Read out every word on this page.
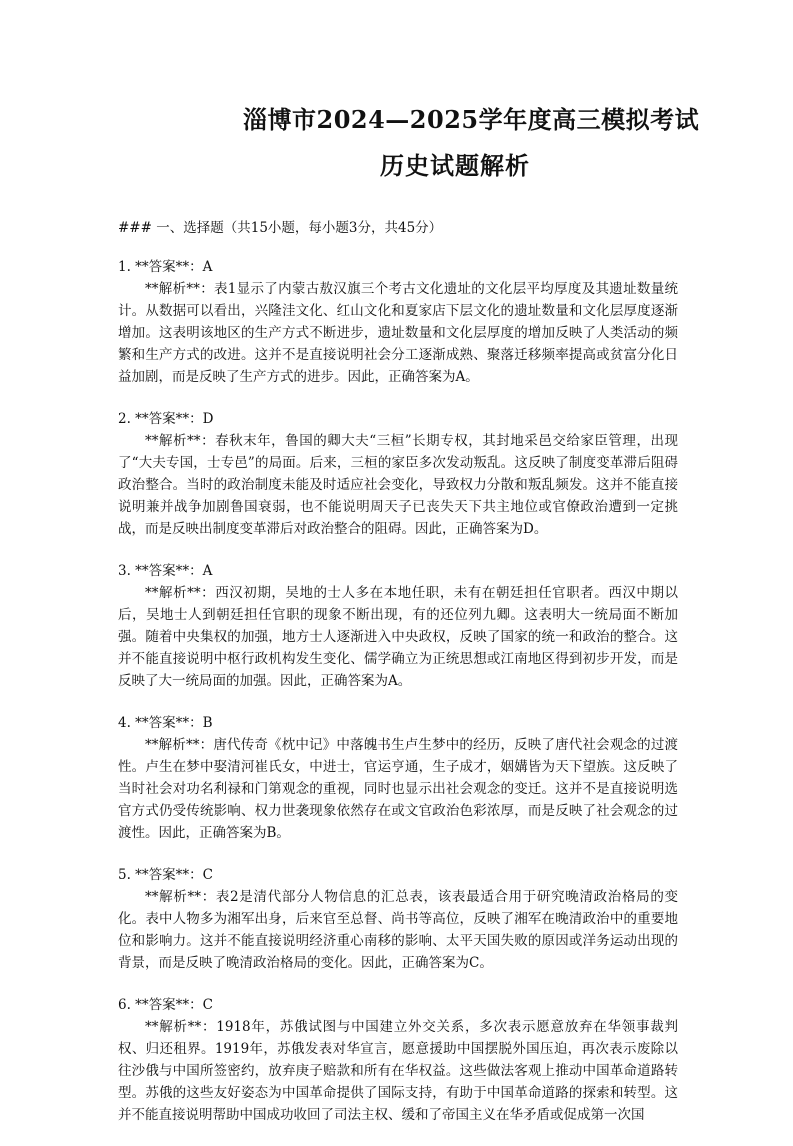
淄博市2024—2025学年度高三模拟考试
历史试题解析
### 一、选择题（共15小题，每小题3分，共45分）
1. **答案**：A

**解析**：表1显示了内蒙古敖汉旗三个考古文化遗址的文化层平均厚度及其遗址数量统计。从数据可以看出，兴隆洼文化、红山文化和夏家店下层文化的遗址数量和文化层厚度逐渐增加。这表明该地区的生产方式不断进步，遗址数量和文化层厚度的增加反映了人类活动的频繁和生产方式的改进。这并不是直接说明社会分工逐渐成熟、聚落迁移频率提高或贫富分化日益加剧，而是反映了生产方式的进步。因此，正确答案为A。

2. **答案**：D

**解析**：春秋末年，鲁国的卿大夫“三桓”长期专权，其封地采邑交给家臣管理，出现了“大夫专国，士专邑”的局面。后来，三桓的家臣多次发动叛乱。这反映了制度变革滞后阻碍政治整合。当时的政治制度未能及时适应社会变化，导致权力分散和叛乱频发。这并不能直接说明兼并战争加剧鲁国衰弱，也不能说明周天子已丧失天下共主地位或官僚政治遭到一定挑战，而是反映出制度变革滞后对政治整合的阻碍。因此，正确答案为D。

3. **答案**：A

**解析**：西汉初期，吴地的士人多在本地任职，未有在朝廷担任官职者。西汉中期以后，吴地士人到朝廷担任官职的现象不断出现，有的还位列九卿。这表明大一统局面不断加强。随着中央集权的加强，地方士人逐渐进入中央政权，反映了国家的统一和政治的整合。这并不能直接说明中枢行政机构发生变化、儒学确立为正统思想或江南地区得到初步开发，而是反映了大一统局面的加强。因此，正确答案为A。

4. **答案**：B

**解析**：唐代传奇《枕中记》中落魄书生卢生梦中的经历，反映了唐代社会观念的过渡性。卢生在梦中娶清河崔氏女，中进士，官运亨通，生子成才，姻媾皆为天下望族。这反映了当时社会对功名利禄和门第观念的重视，同时也显示出社会观念的变迁。这并不是直接说明选官方式仍受传统影响、权力世袭现象依然存在或文官政治色彩浓厚，而是反映了社会观念的过渡性。因此，正确答案为B。

5. **答案**：C

**解析**：表2是清代部分人物信息的汇总表，该表最适合用于研究晚清政治格局的变化。表中人物多为湘军出身，后来官至总督、尚书等高位，反映了湘军在晚清政治中的重要地位和影响力。这并不能直接说明经济重心南移的影响、太平天国失败的原因或洋务运动出现的背景，而是反映了晚清政治格局的变化。因此，正确答案为C。

6. **答案**：C

**解析**：1918年，苏俄试图与中国建立外交关系，多次表示愿意放弃在华领事裁判权、归还租界。1919年，苏俄发表对华宣言，愿意援助中国摆脱外国压迫，再次表示废除以往沙俄与中国所签密约，放弃庚子赔款和所有在华权益。这些做法客观上推动中国革命道路转型。苏俄的这些友好姿态为中国革命提供了国际支持，有助于中国革命道路的探索和转型。这并不能直接说明帮助中国成功收回了司法主权、缓和了帝国主义在华矛盾或促成第一次国
